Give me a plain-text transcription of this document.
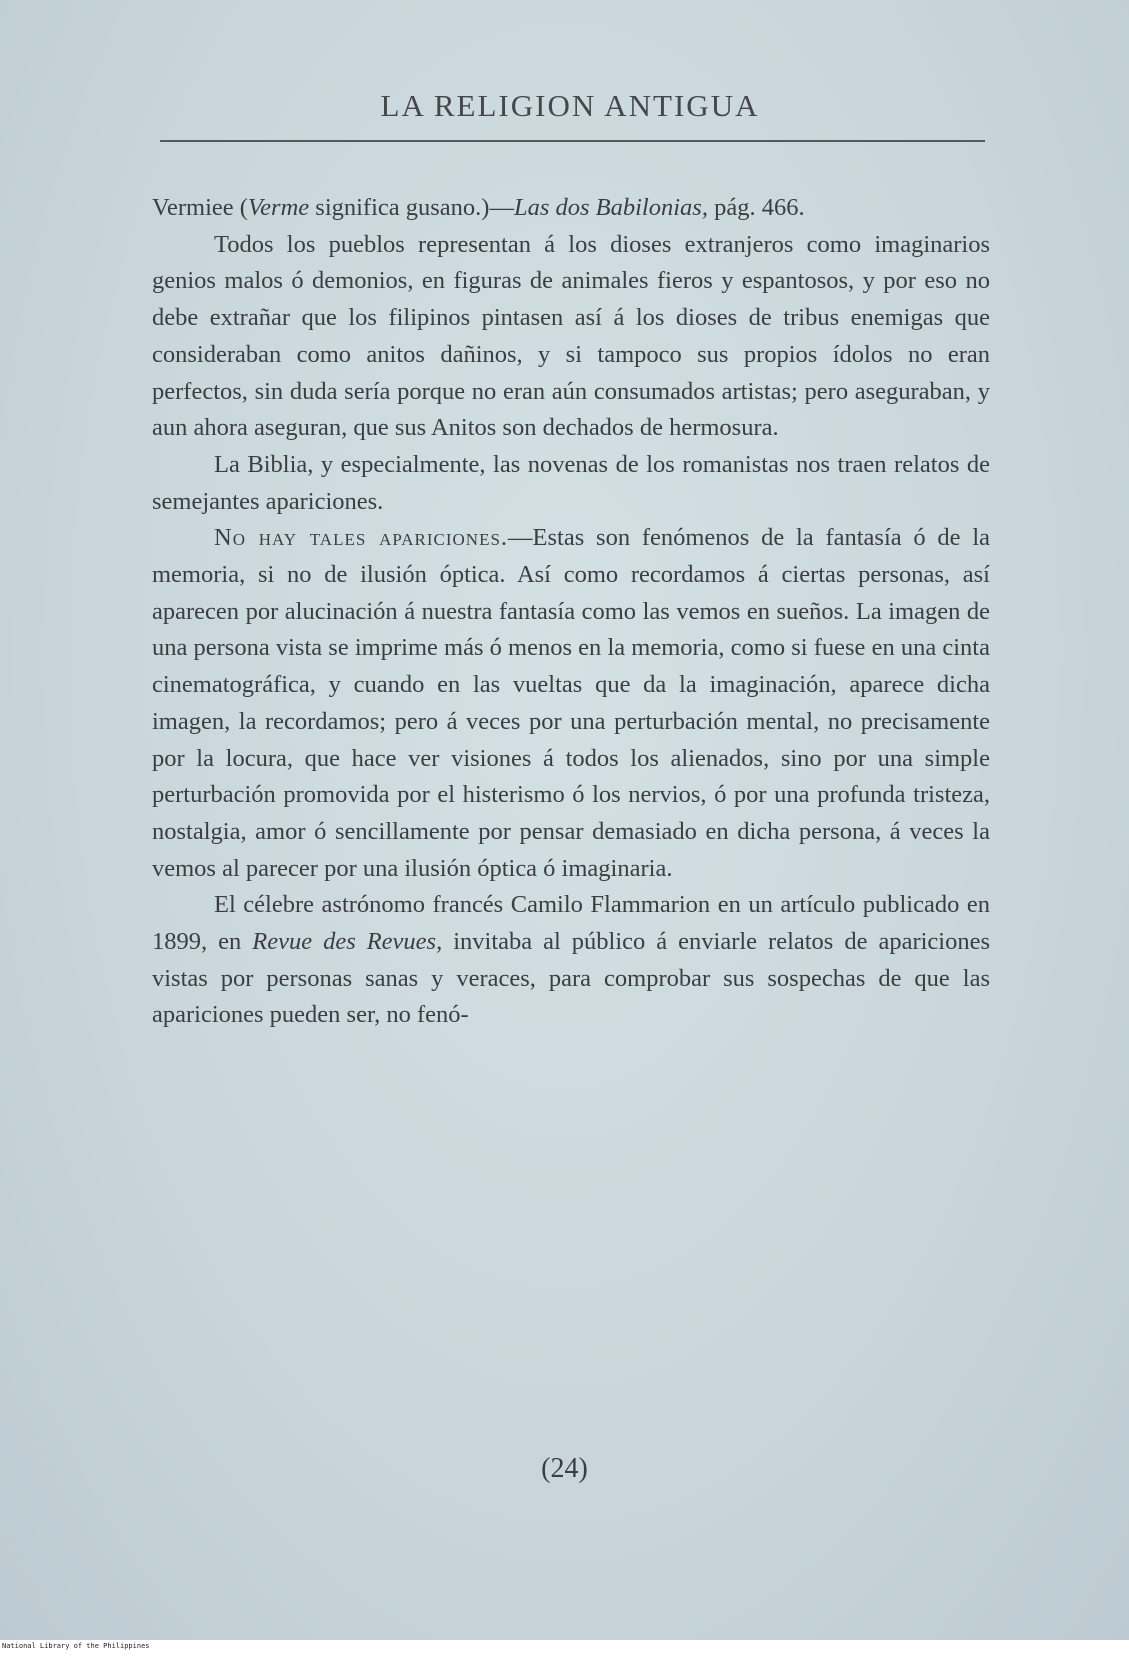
LA RELIGION ANTIGUA

Vermiee (Verme significa gusano.)—Las dos Babilonias, pág. 466.

Todos los pueblos representan á los dioses extranjeros como imaginarios genios malos ó demonios, en figuras de animales fieros y espantosos, y por eso no debe extrañar que los filipinos pintasen así á los dioses de tribus enemigas que consideraban como anitos dañinos, y si tampoco sus propios ídolos no eran perfectos, sin duda sería porque no eran aún consumados artistas; pero aseguraban, y aun ahora aseguran, que sus Anitos son dechados de hermosura.

La Biblia, y especialmente, las novenas de los romanistas nos traen relatos de semejantes apariciones.

No hay tales apariciones.—Estas son fenómenos de la fantasía ó de la memoria, si no de ilusión óptica. Así como recordamos á ciertas personas, así aparecen por alucinación á nuestra fantasía como las vemos en sueños. La imagen de una persona vista se imprime más ó menos en la memoria, como si fuese en una cinta cinematográfica, y cuando en las vueltas que da la imaginación, aparece dicha imagen, la recordamos; pero á veces por una perturbación mental, no precisamente por la locura, que hace ver visiones á todos los alienados, sino por una simple perturbación promovida por el histerismo ó los nervios, ó por una profunda tristeza, nostalgia, amor ó sencillamente por pensar demasiado en dicha persona, á veces la vemos al parecer por una ilusión óptica ó imaginaria.

El célebre astrónomo francés Camilo Flammarion en un artículo publicado en 1899, en Revue des Revues, invitaba al público á enviarle relatos de apariciones vistas por personas sanas y veraces, para comprobar sus sospechas de que las apariciones pueden ser, no fenó-

(24)
National Library of the Philippines
